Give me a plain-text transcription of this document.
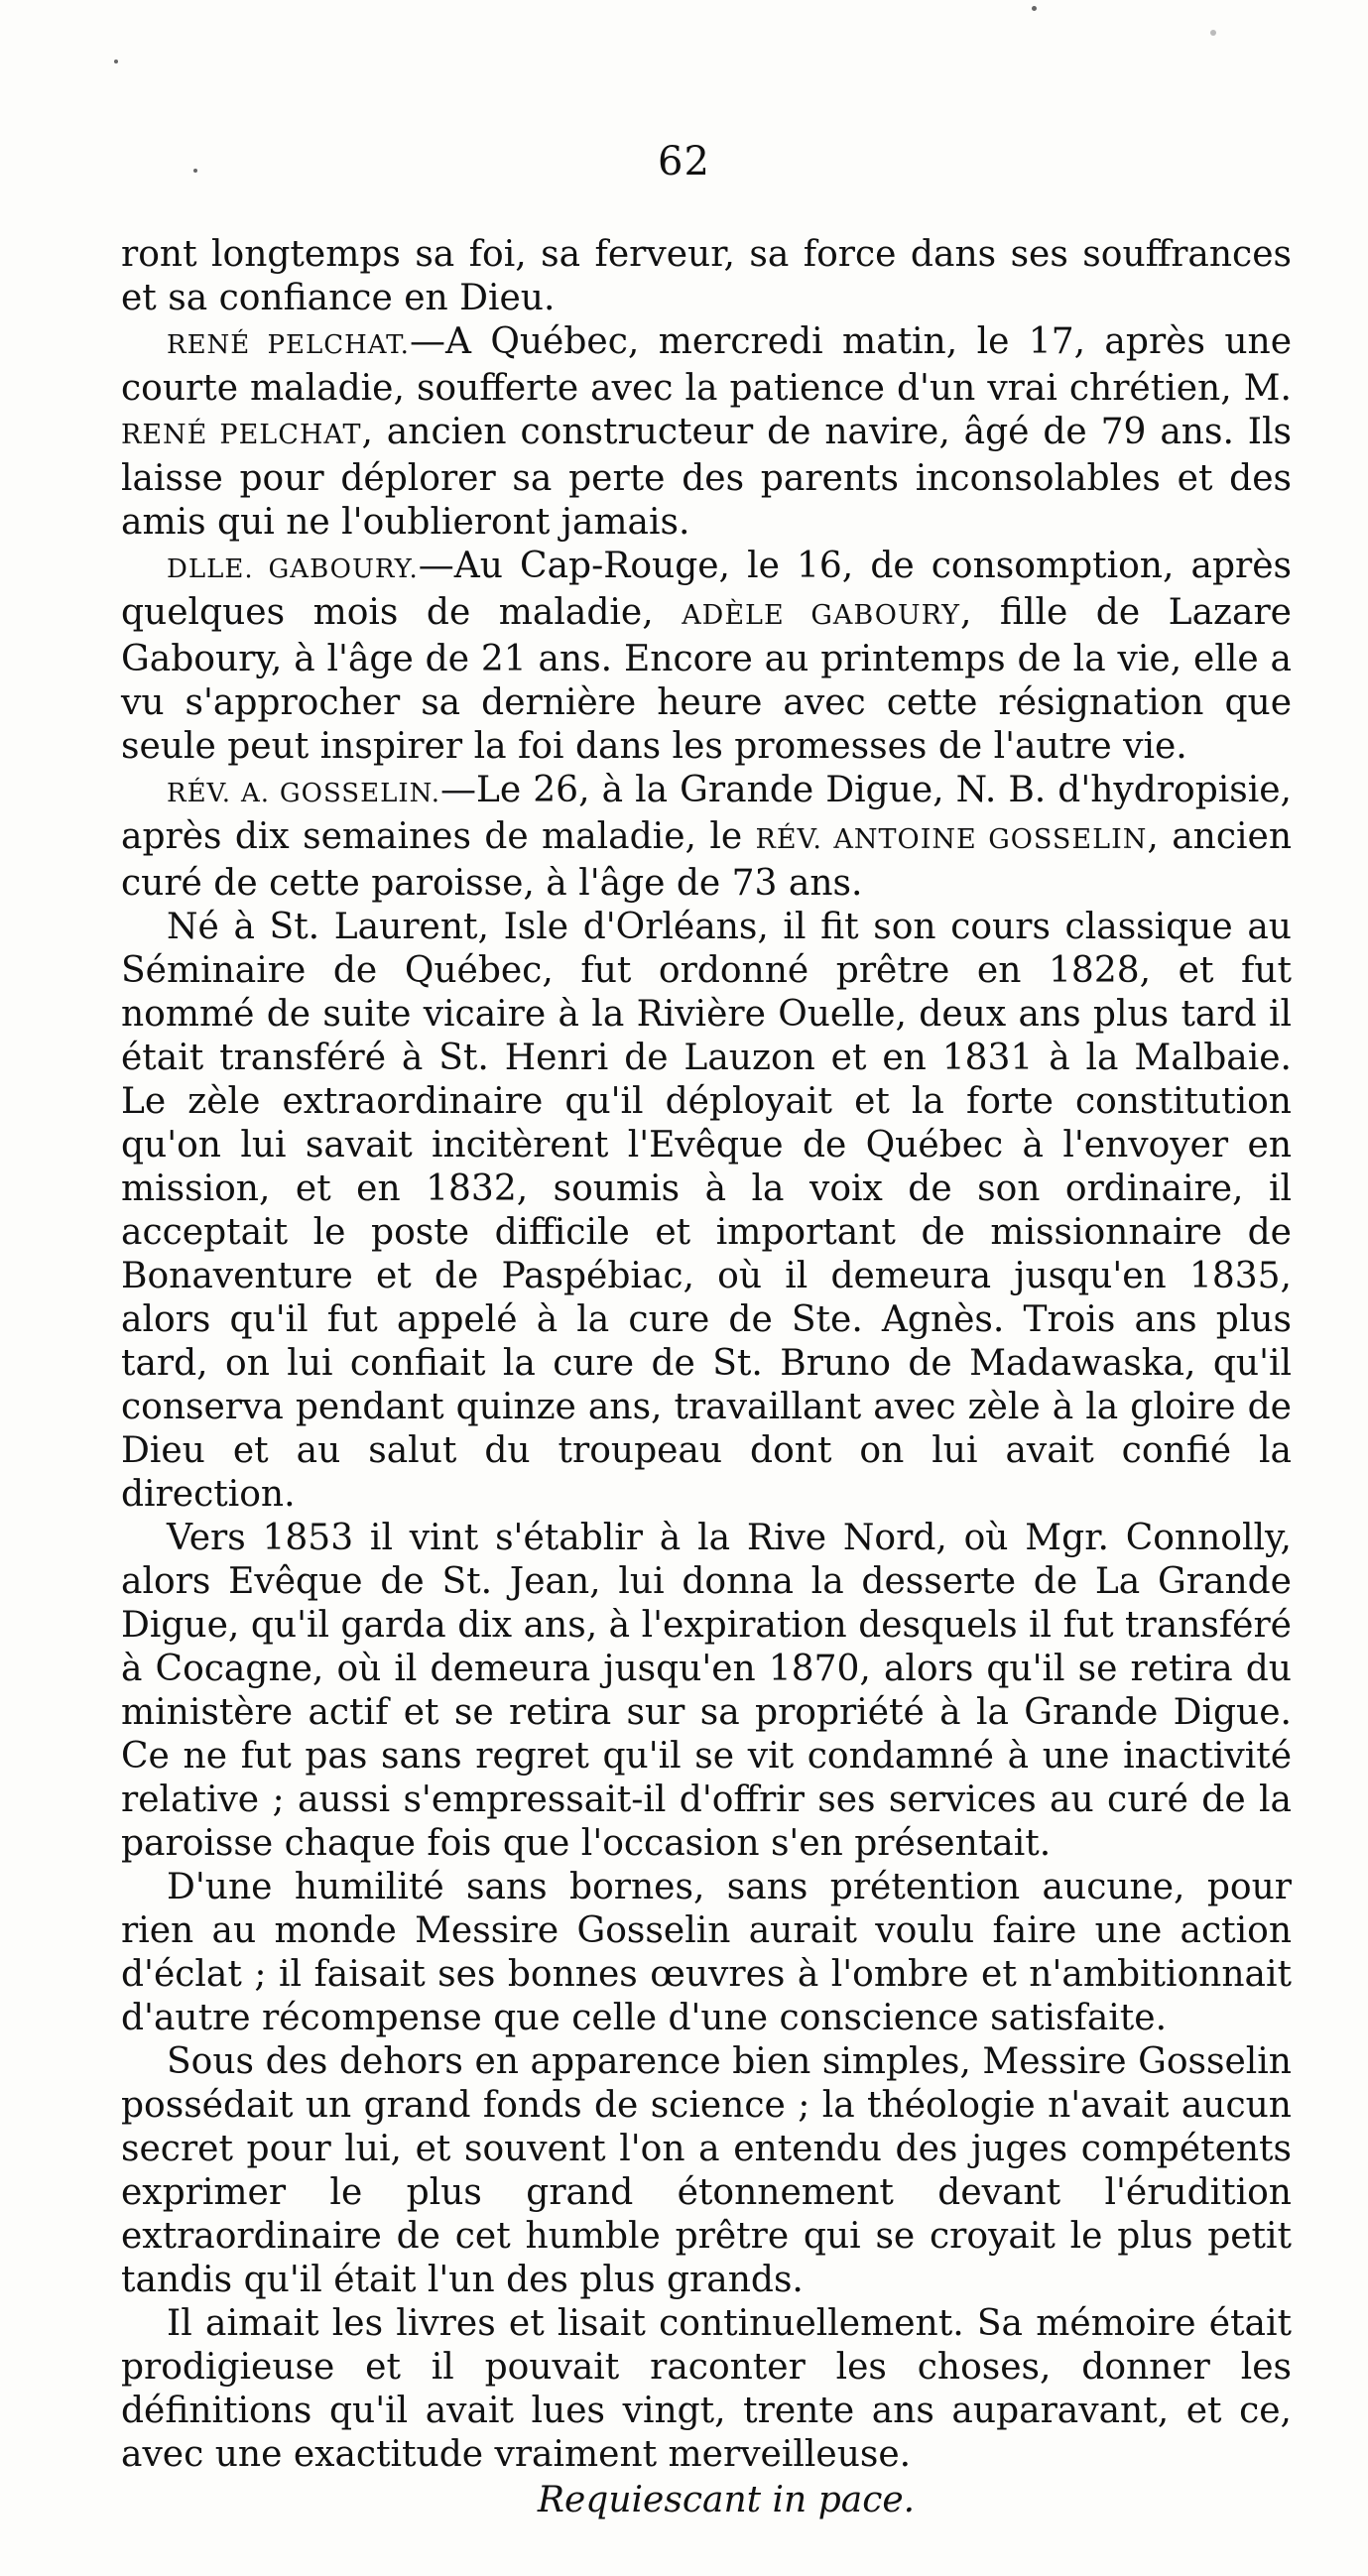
62

ront longtemps sa foi, sa ferveur, sa force dans ses souffrances et sa confiance en Dieu.

RENÉ PELCHAT.—A Québec, mercredi matin, le 17, après une courte maladie, soufferte avec la patience d'un vrai chrétien, M. RENÉ PELCHAT, ancien constructeur de navire, âgé de 79 ans. Ils laisse pour déplorer sa perte des parents inconsolables et des amis qui ne l'oublieront jamais.

DLLE. GABOURY.—Au Cap-Rouge, le 16, de consomption, après quelques mois de maladie, ADÈLE GABOURY, fille de Lazare Gaboury, à l'âge de 21 ans. Encore au printemps de la vie, elle a vu s'approcher sa dernière heure avec cette résignation que seule peut inspirer la foi dans les promesses de l'autre vie.

RÉV. A. GOSSELIN.—Le 26, à la Grande Digue, N. B. d'hydropisie, après dix semaines de maladie, le RÉV. ANTOINE GOSSELIN, ancien curé de cette paroisse, à l'âge de 73 ans.

Né à St. Laurent, Isle d'Orléans, il fit son cours classique au Séminaire de Québec, fut ordonné prêtre en 1828, et fut nommé de suite vicaire à la Rivière Ouelle, deux ans plus tard il était transféré à St. Henri de Lauzon et en 1831 à la Malbaie. Le zèle extraordinaire qu'il déployait et la forte constitution qu'on lui savait incitèrent l'Evêque de Québec à l'envoyer en mission, et en 1832, soumis à la voix de son ordinaire, il acceptait le poste difficile et important de missionnaire de Bonaventure et de Paspébiac, où il demeura jusqu'en 1835, alors qu'il fut appelé à la cure de Ste. Agnès. Trois ans plus tard, on lui confiait la cure de St. Bruno de Madawaska, qu'il conserva pendant quinze ans, travaillant avec zèle à la gloire de Dieu et au salut du troupeau dont on lui avait confié la direction.

Vers 1853 il vint s'établir à la Rive Nord, où Mgr. Connolly, alors Evêque de St. Jean, lui donna la desserte de La Grande Digue, qu'il garda dix ans, à l'expiration desquels il fut transféré à Cocagne, où il demeura jusqu'en 1870, alors qu'il se retira du ministère actif et se retira sur sa propriété à la Grande Digue. Ce ne fut pas sans regret qu'il se vit condamné à une inactivité relative ; aussi s'empressait-il d'offrir ses services au curé de la paroisse chaque fois que l'occasion s'en présentait.

D'une humilité sans bornes, sans prétention aucune, pour rien au monde Messire Gosselin aurait voulu faire une action d'éclat ; il faisait ses bonnes œuvres à l'ombre et n'ambitionnait d'autre récompense que celle d'une conscience satisfaite.

Sous des dehors en apparence bien simples, Messire Gosselin possédait un grand fonds de science ; la théologie n'avait aucun secret pour lui, et souvent l'on a entendu des juges compétents exprimer le plus grand étonnement devant l'érudition extraordinaire de cet humble prêtre qui se croyait le plus petit tandis qu'il était l'un des plus grands.

Il aimait les livres et lisait continuellement. Sa mémoire était prodigieuse et il pouvait raconter les choses, donner les définitions qu'il avait lues vingt, trente ans auparavant, et ce, avec une exactitude vraiment merveilleuse.

Requiescant in pace.
